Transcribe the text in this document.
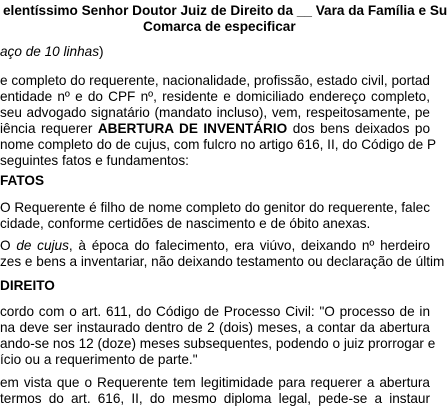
elentíssimo Senhor Doutor Juiz de Direito da __ Vara da Família e Su

Comarca de especificar

aço de 10 linhas)

e completo do requerente, nacionalidade, profissão, estado civil, portad

entidade nº e do CPF nº, residente e domiciliado endereço completo,

seu advogado signatário (mandato incluso), vem, respeitosamente, pe

iência requerer ABERTURA DE INVENTÁRIO dos bens deixados po

nome completo do de cujus, com fulcro no artigo 616, II, do Código de P

seguintes fatos e fundamentos:

FATOS

O Requerente é filho de nome completo do genitor do requerente, falec

cidade, conforme certidões de nascimento e de óbito anexas.

O de cujus, à época do falecimento, era viúvo, deixando nº herdeiro

zes e bens a inventariar, não deixando testamento ou declaração de últim

DIREITO

cordo com o art. 611, do Código de Processo Civil: "O processo de in

na deve ser instaurado dentro de 2 (dois) meses, a contar da abertura

ando-se nos 12 (doze) meses subsequentes, podendo o juiz prorrogar e

ício ou a requerimento de parte."

em vista que o Requerente tem legitimidade para requerer a abertura

termos do art. 616, II, do mesmo diploma legal, pede-se a instaur
